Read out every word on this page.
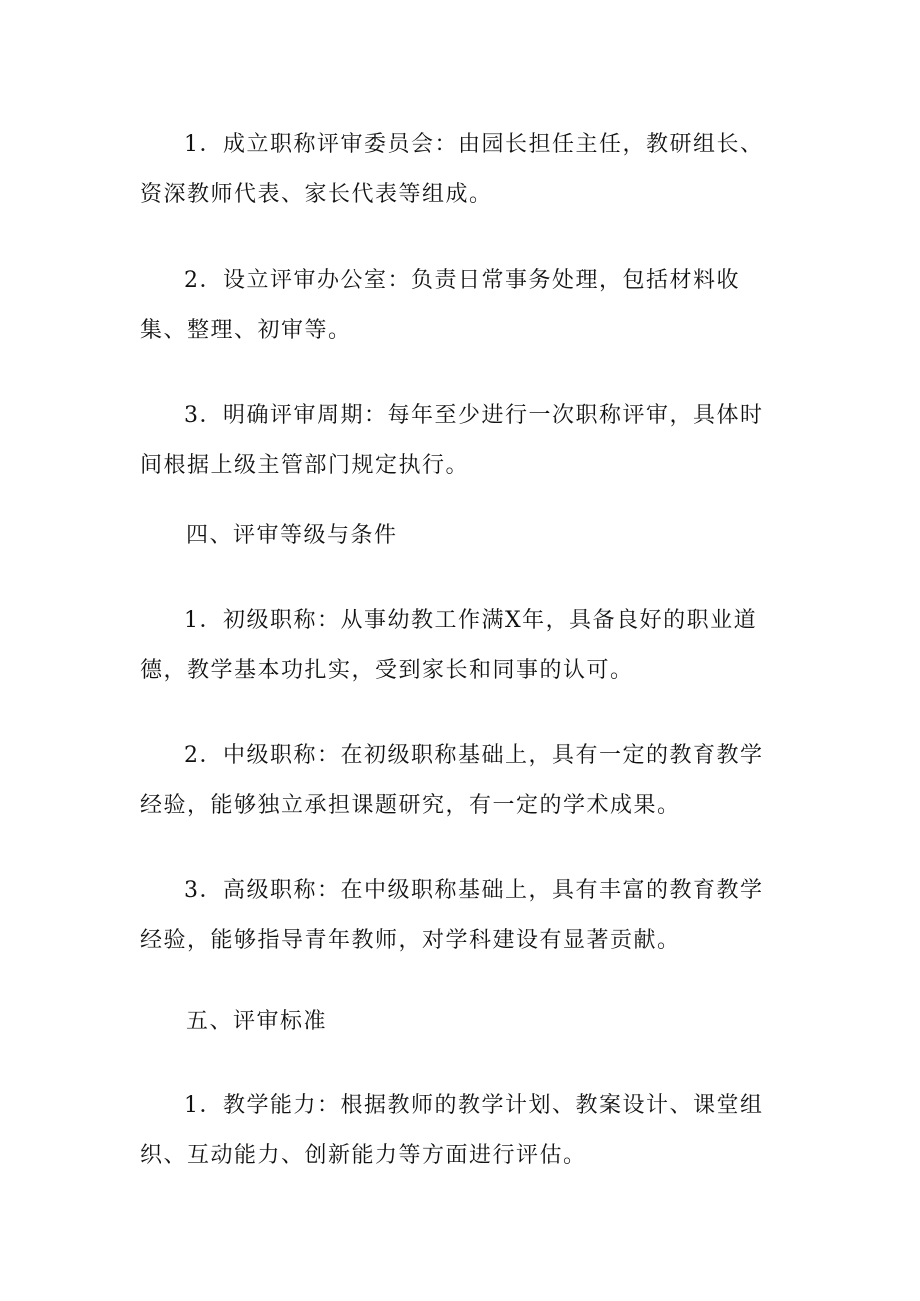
1．成立职称评审委员会：由园长担任主任，教研组长、资深教师代表、家长代表等组成。

2．设立评审办公室：负责日常事务处理，包括材料收集、整理、初审等。

3．明确评审周期：每年至少进行一次职称评审，具体时间根据上级主管部门规定执行。

四、评审等级与条件

1．初级职称：从事幼教工作满X年，具备良好的职业道德，教学基本功扎实，受到家长和同事的认可。

2．中级职称：在初级职称基础上，具有一定的教育教学经验，能够独立承担课题研究，有一定的学术成果。

3．高级职称：在中级职称基础上，具有丰富的教育教学经验，能够指导青年教师，对学科建设有显著贡献。

五、评审标准

1．教学能力：根据教师的教学计划、教案设计、课堂组织、互动能力、创新能力等方面进行评估。
